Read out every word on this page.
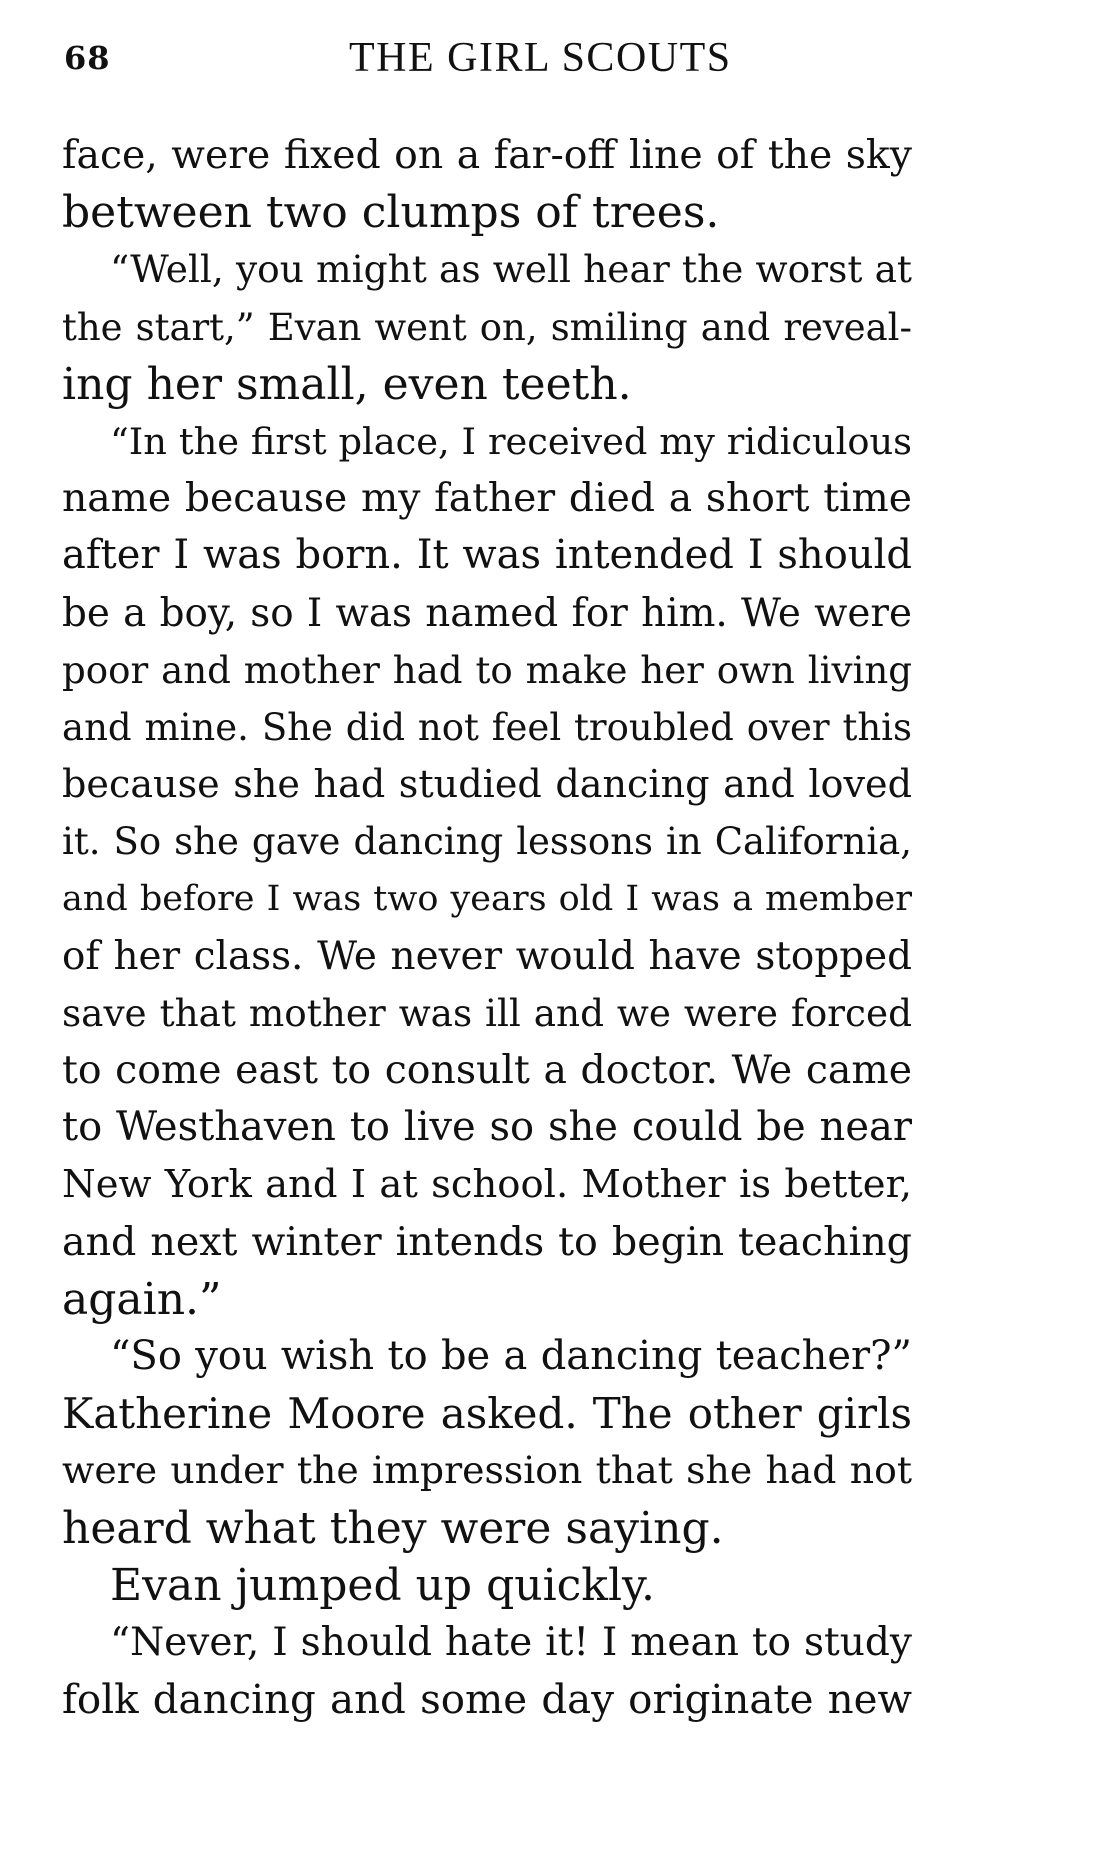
68	THE GIRL SCOUTS
face, were fixed on a far-off line of the sky
between two clumps of trees.
“Well, you might as well hear the worst at
the start,” Evan went on, smiling and reveal-
ing her small, even teeth.
“In the first place, I received my ridiculous
name because my father died a short time
after I was born. It was intended I should
be a boy, so I was named for him. We were
poor and mother had to make her own living
and mine. She did not feel troubled over this
because she had studied dancing and loved
it. So she gave dancing lessons in California,
and before I was two years old I was a member
of her class. We never would have stopped
save that mother was ill and we were forced
to come east to consult a doctor. We came
to Westhaven to live so she could be near
New York and I at school. Mother is better,
and next winter intends to begin teaching
again.”
“So you wish to be a dancing teacher?”
Katherine Moore asked. The other girls
were under the impression that she had not
heard what they were saying.
Evan jumped up quickly.
“Never, I should hate it! I mean to study
folk dancing and some day originate new
